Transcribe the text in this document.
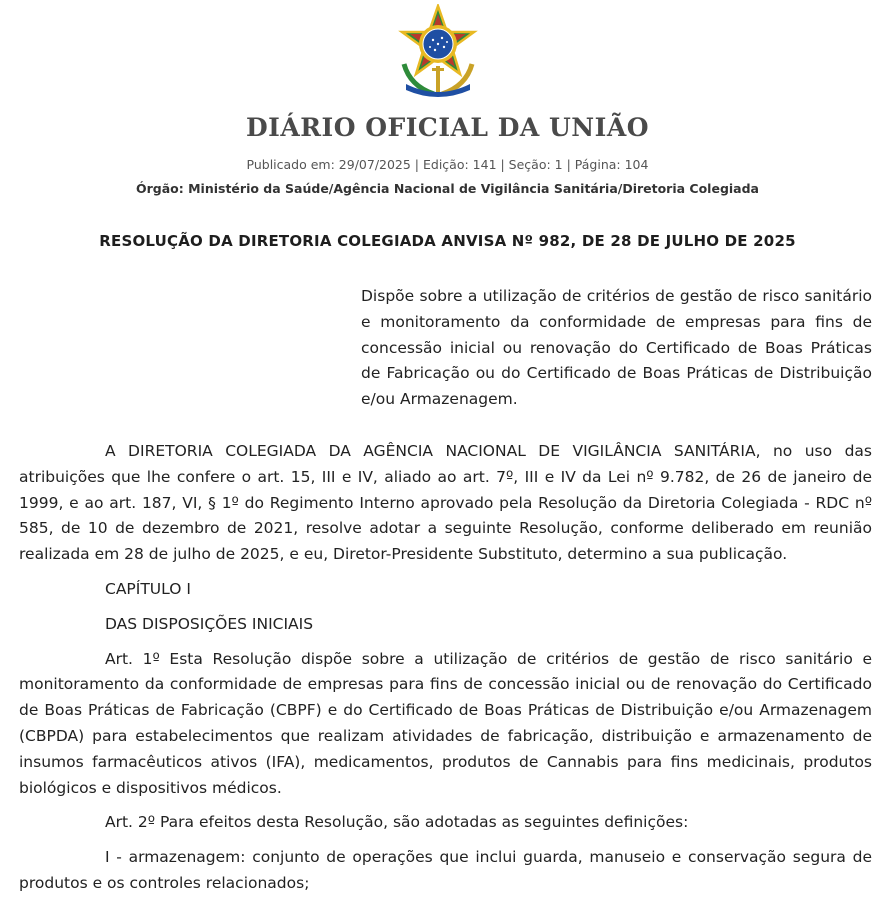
DIÁRIO OFICIAL DA UNIÃO
Publicado em: 29/07/2025 | Edição: 141 | Seção: 1 | Página: 104
Órgão: Ministério da Saúde/Agência Nacional de Vigilância Sanitária/Diretoria Colegiada
RESOLUÇÃO DA DIRETORIA COLEGIADA ANVISA Nº 982, DE 28 DE JULHO DE 2025
Dispõe sobre a utilização de critérios de gestão de risco sanitário e monitoramento da conformidade de empresas para fins de concessão inicial ou renovação do Certificado de Boas Práticas de Fabricação ou do Certificado de Boas Práticas de Distribuição e/ou Armazenagem.

A DIRETORIA COLEGIADA DA AGÊNCIA NACIONAL DE VIGILÂNCIA SANITÁRIA, no uso das atribuições que lhe confere o art. 15, III e IV, aliado ao art. 7º, III e IV da Lei nº 9.782, de 26 de janeiro de 1999, e ao art. 187, VI, § 1º do Regimento Interno aprovado pela Resolução da Diretoria Colegiada - RDC nº 585, de 10 de dezembro de 2021, resolve adotar a seguinte Resolução, conforme deliberado em reunião realizada em 28 de julho de 2025, e eu, Diretor-Presidente Substituto, determino a sua publicação.

CAPÍTULO I

DAS DISPOSIÇÕES INICIAIS

Art. 1º Esta Resolução dispõe sobre a utilização de critérios de gestão de risco sanitário e monitoramento da conformidade de empresas para fins de concessão inicial ou de renovação do Certificado de Boas Práticas de Fabricação (CBPF) e do Certificado de Boas Práticas de Distribuição e/ou Armazenagem (CBPDA) para estabelecimentos que realizam atividades de fabricação, distribuição e armazenamento de insumos farmacêuticos ativos (IFA), medicamentos, produtos de Cannabis para fins medicinais, produtos biológicos e dispositivos médicos.

Art. 2º Para efeitos desta Resolução, são adotadas as seguintes definições:

I - armazenagem: conjunto de operações que inclui guarda, manuseio e conservação segura de produtos e os controles relacionados;
